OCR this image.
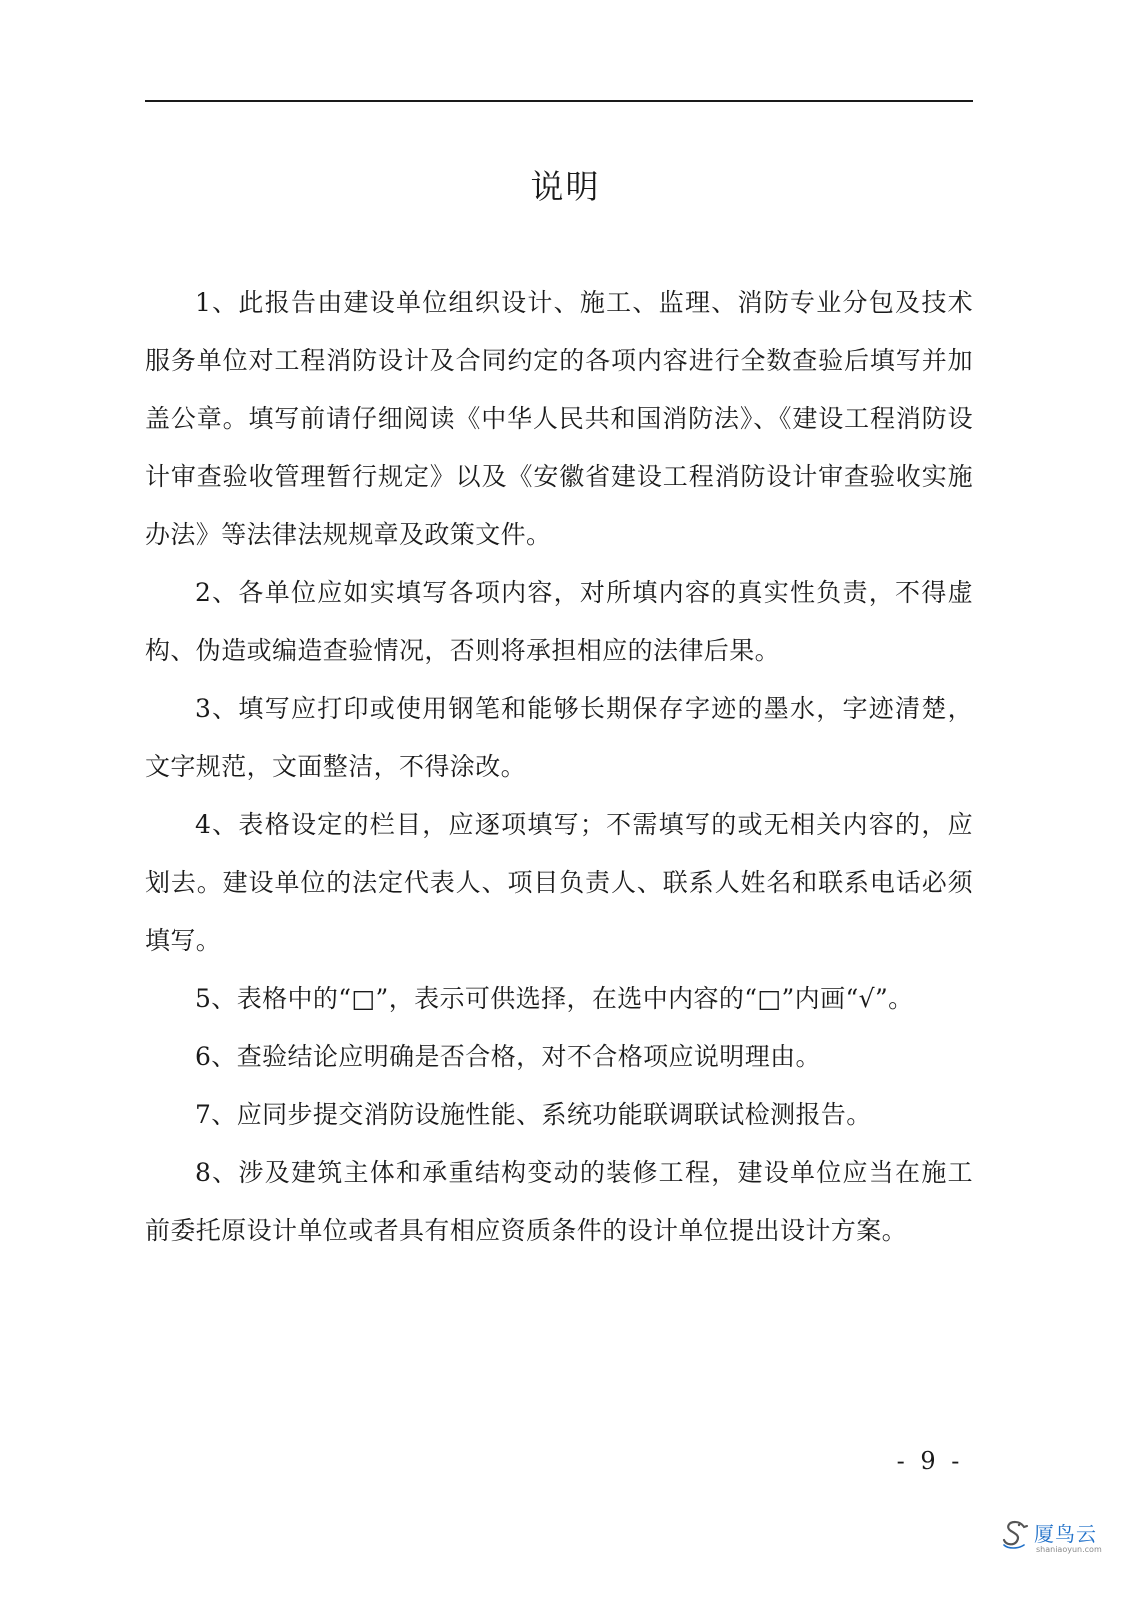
说明

1、此报告由建设单位组织设计、施工、监理、消防专业分包及技术服务单位对工程消防设计及合同约定的各项内容进行全数查验后填写并加盖公章。填写前请仔细阅读《中华人民共和国消防法》、《建设工程消防设计审查验收管理暂行规定》以及《安徽省建设工程消防设计审查验收实施办法》等法律法规规章及政策文件。

2、各单位应如实填写各项内容，对所填内容的真实性负责，不得虚构、伪造或编造查验情况，否则将承担相应的法律后果。

3、填写应打印或使用钢笔和能够长期保存字迹的墨水，字迹清楚，文字规范，文面整洁，不得涂改。

4、表格设定的栏目，应逐项填写；不需填写的或无相关内容的，应划去。建设单位的法定代表人、项目负责人、联系人姓名和联系电话必须填写。

5、表格中的“□”，表示可供选择，在选中内容的“□”内画“√”。

6、查验结论应明确是否合格，对不合格项应说明理由。

7、应同步提交消防设施性能、系统功能联调联试检测报告。

8、涉及建筑主体和承重结构变动的装修工程，建设单位应当在施工前委托原设计单位或者具有相应资质条件的设计单位提出设计方案。

- 9 -
厦鸟云
shaniaoyun.com
